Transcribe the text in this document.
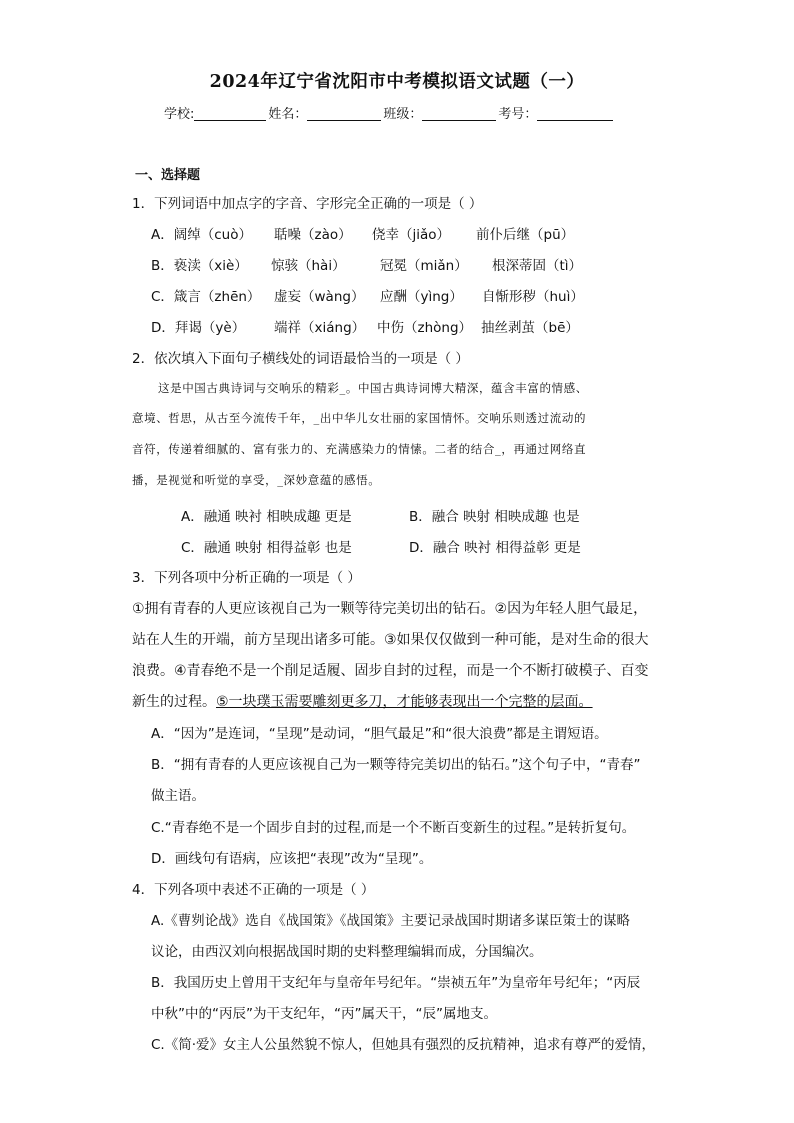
2024年辽宁省沈阳市中考模拟语文试题（一）
学校:	姓名：	班级：	考号：
一、选择题
1．下列词语中加点字的字音、字形完全正确的一项是（ ）
A．阔绰（cuò） 聒噪（zào） 侥幸（jiǎo） 前仆后继（pū）
B．亵渎（xiè） 惊骇（hài）	冠冕（miǎn） 根深蒂固（tì）
C．箴言（zhēn） 虚妄（wàng） 应酬（yìng） 自惭形秽（huì）
D．拜谒（yè） 端祥（xiáng） 中伤（zhòng） 抽丝剥茧（bē）
2．依次填入下面句子横线处的词语最恰当的一项是（ ）
这是中国古典诗词与交响乐的精彩_。中国古典诗词博大精深，蕴含丰富的情感、
意境、哲思，从古至今流传千年，_出中华儿女壮丽的家国情怀。交响乐则透过流动的
音符，传递着细腻的、富有张力的、充满感染力的情愫。二者的结合_，再通过网络直
播，是视觉和听觉的享受，_深妙意蕴的感悟。
A．融通 映衬 相映成趣 更是	B．融合 映射 相映成趣 也是
C．融通 映射 相得益彰 也是	D．融合 映衬 相得益彰 更是
3．下列各项中分析正确的一项是（ ）
①拥有青春的人更应该视自己为一颗等待完美切出的钻石。②因为年轻人胆气最足，
站在人生的开端，前方呈现出诸多可能。③如果仅仅做到一种可能，是对生命的很大
浪费。④青春绝不是一个削足适履、固步自封的过程，而是一个不断打破模子、百变
新生的过程。⑤一块璞玉需要雕刻更多刀，才能够表现出一个完整的层面。
A．“因为”是连词，“呈现”是动词，“胆气最足”和“很大浪费”都是主谓短语。
B．“拥有青春的人更应该视自己为一颗等待完美切出的钻石。”这个句子中，“青春”
做主语。
C.“青春绝不是一个固步自封的过程,而是一个不断百变新生的过程。”是转折复句。
D．画线句有语病，应该把“表现”改为“呈现”。
4．下列各项中表述不正确的一项是（ ）
A.《曹刿论战》选自《战国策》《战国策》主要记录战国时期诸多谋臣策士的谋略
议论，由西汉刘向根据战国时期的史料整理编辑而成，分国编次。
B．我国历史上曾用干支纪年与皇帝年号纪年。“崇祯五年”为皇帝年号纪年；“丙辰
中秋”中的“丙辰”为干支纪年，“丙”属天干，“辰”属地支。
C.《简·爱》女主人公虽然貌不惊人，但她具有强烈的反抗精神，追求有尊严的爱情，
